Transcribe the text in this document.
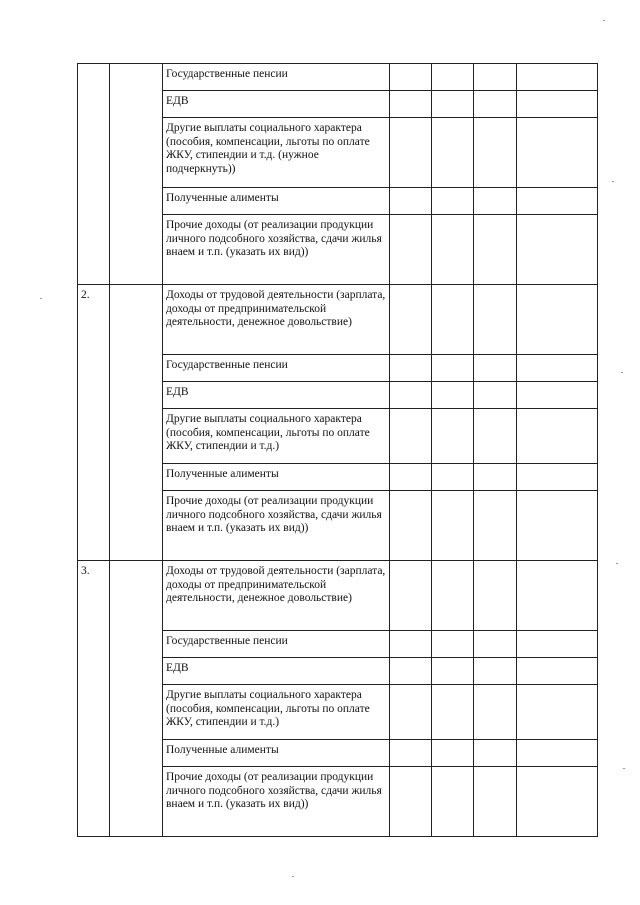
		Государственные пенсии				
		ЕДВ				
		Другие выплаты социального характера (пособия, компенсации, льготы по оплате ЖКУ, стипендии и т.д. (нужное подчеркнуть))				
		Полученные алименты				
		Прочие доходы (от реализации продукции личного подсобного хозяйства, сдачи жилья внаем и т.п. (указать их вид))				
2.		Доходы от трудовой деятельности (зарплата, доходы от предпринимательской деятельности, денежное довольствие)				
		Государственные пенсии				
		ЕДВ				
		Другие выплаты социального характера (пособия, компенсации, льготы по оплате ЖКУ, стипендии и т.д.)				
		Полученные алименты				
		Прочие доходы (от реализации продукции личного подсобного хозяйства, сдачи жилья внаем и т.п. (указать их вид))				
3.		Доходы от трудовой деятельности (зарплата, доходы от предпринимательской деятельности, денежное довольствие)				
		Государственные пенсии				
		ЕДВ				
		Другие выплаты социального характера (пособия, компенсации, льготы по оплате ЖКУ, стипендии и т.д.)				
		Полученные алименты				
		Прочие доходы (от реализации продукции личного подсобного хозяйства, сдачи жилья внаем и т.п. (указать их вид))				
